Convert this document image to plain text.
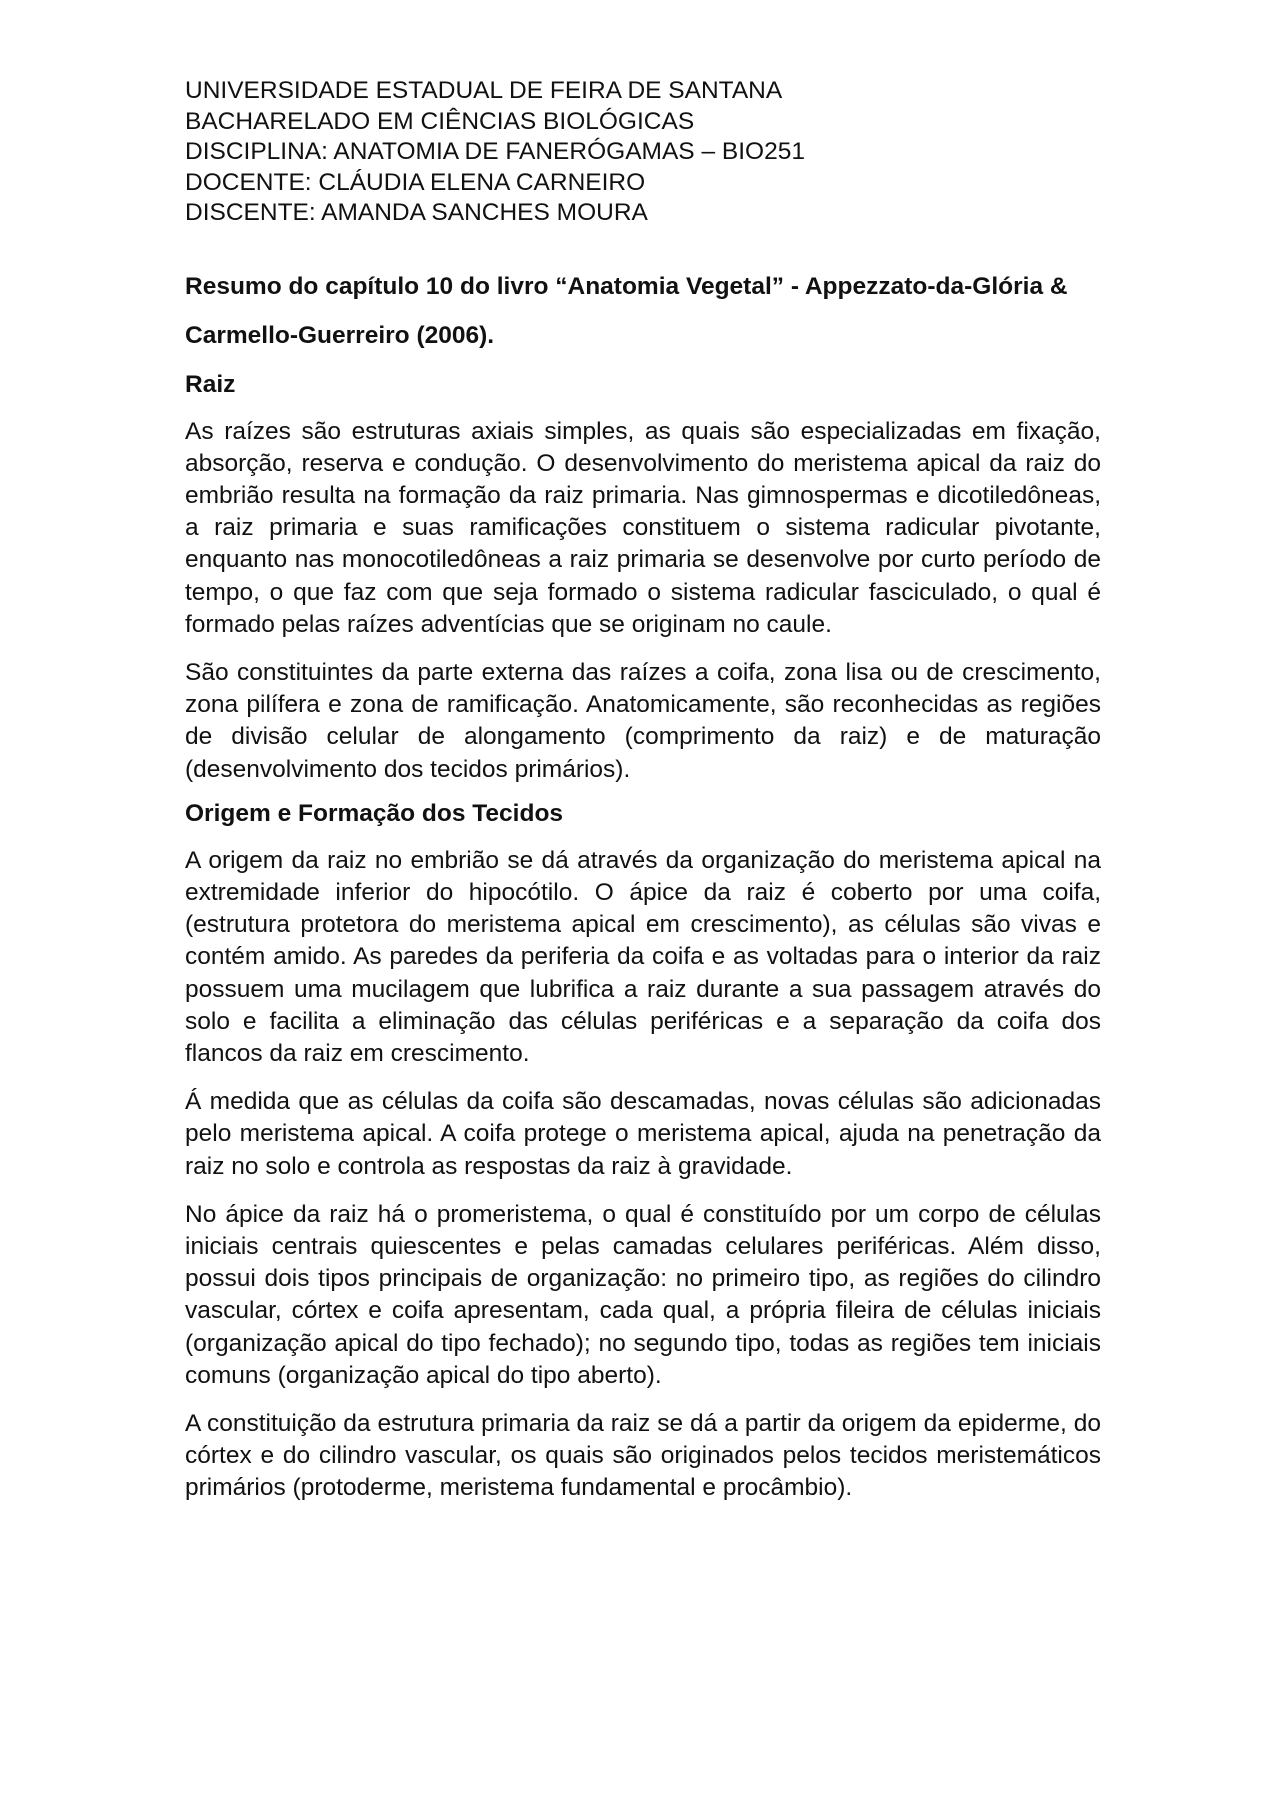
UNIVERSIDADE ESTADUAL DE FEIRA DE SANTANA

BACHARELADO EM CIÊNCIAS BIOLÓGICAS

DISCIPLINA: ANATOMIA DE FANERÓGAMAS – BIO251

DOCENTE: CLÁUDIA ELENA CARNEIRO

DISCENTE: AMANDA SANCHES MOURA

Resumo do capítulo 10 do livro “Anatomia Vegetal” - Appezzato-da-Glória & Carmello-Guerreiro (2006).

Raiz

As raízes são estruturas axiais simples, as quais são especializadas em fixação, absorção, reserva e condução. O desenvolvimento do meristema apical da raiz do embrião resulta na formação da raiz primaria. Nas gimnospermas e dicotiledôneas, a raiz primaria e suas ramificações constituem o sistema radicular pivotante, enquanto nas monocotiledôneas a raiz primaria se desenvolve por curto período de tempo, o que faz com que seja formado o sistema radicular fasciculado, o qual é formado pelas raízes adventícias que se originam no caule.

São constituintes da parte externa das raízes a coifa, zona lisa ou de crescimento, zona pilífera e zona de ramificação. Anatomicamente, são reconhecidas as regiões de divisão celular de alongamento (comprimento da raiz) e de maturação (desenvolvimento dos tecidos primários).

Origem e Formação dos Tecidos

A origem da raiz no embrião se dá através da organização do meristema apical na extremidade inferior do hipocótilo. O ápice da raiz é coberto por uma coifa, (estrutura protetora do meristema apical em crescimento), as células são vivas e contém amido. As paredes da periferia da coifa e as voltadas para o interior da raiz possuem uma mucilagem que lubrifica a raiz durante a sua passagem através do solo e facilita a eliminação das células periféricas e a separação da coifa dos flancos da raiz em crescimento.

Á medida que as células da coifa são descamadas, novas células são adicionadas pelo meristema apical. A coifa protege o meristema apical, ajuda na penetração da raiz no solo e controla as respostas da raiz à gravidade.

No ápice da raiz há o promeristema, o qual é constituído por um corpo de células iniciais centrais quiescentes e pelas camadas celulares periféricas. Além disso, possui dois tipos principais de organização: no primeiro tipo, as regiões do cilindro vascular, córtex e coifa apresentam, cada qual, a própria fileira de células iniciais (organização apical do tipo fechado); no segundo tipo, todas as regiões tem iniciais comuns (organização apical do tipo aberto).

A constituição da estrutura primaria da raiz se dá a partir da origem da epiderme, do córtex e do cilindro vascular, os quais são originados pelos tecidos meristemáticos primários (protoderme, meristema fundamental e procâmbio).
